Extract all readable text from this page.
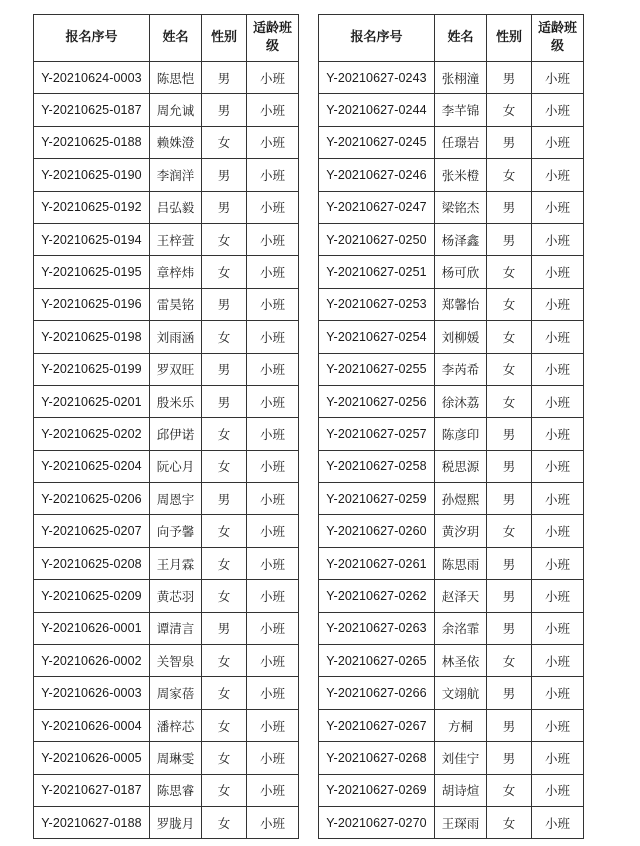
报名序号	姓名	性别	适龄班
级
Y-20210624-0003	陈思恺	男	小班
Y-20210625-0187	周允诚	男	小班
Y-20210625-0188	赖姝澄	女	小班
Y-20210625-0190	李润洋	男	小班
Y-20210625-0192	吕弘毅	男	小班
Y-20210625-0194	王梓萱	女	小班
Y-20210625-0195	章梓炜	女	小班
Y-20210625-0196	雷昊铭	男	小班
Y-20210625-0198	刘雨涵	女	小班
Y-20210625-0199	罗双旺	男	小班
Y-20210625-0201	殷米乐	男	小班
Y-20210625-0202	邱伊诺	女	小班
Y-20210625-0204	阮心月	女	小班
Y-20210625-0206	周恩宇	男	小班
Y-20210625-0207	向予馨	女	小班
Y-20210625-0208	王月霖	女	小班
Y-20210625-0209	黄芯羽	女	小班
Y-20210626-0001	谭清言	男	小班
Y-20210626-0002	关智泉	女	小班
Y-20210626-0003	周家蓓	女	小班
Y-20210626-0004	潘梓芯	女	小班
Y-20210626-0005	周琳雯	女	小班
Y-20210627-0187	陈思睿	女	小班
Y-20210627-0188	罗胧月	女	小班
报名序号	姓名	性别	适龄班
级
Y-20210627-0243	张栩潼	男	小班
Y-20210627-0244	李芊锦	女	小班
Y-20210627-0245	任璟岩	男	小班
Y-20210627-0246	张米橙	女	小班
Y-20210627-0247	梁铭杰	男	小班
Y-20210627-0250	杨泽鑫	男	小班
Y-20210627-0251	杨可欣	女	小班
Y-20210627-0253	郑馨怡	女	小班
Y-20210627-0254	刘柳媛	女	小班
Y-20210627-0255	李芮希	女	小班
Y-20210627-0256	徐沐荔	女	小班
Y-20210627-0257	陈彦印	男	小班
Y-20210627-0258	税思源	男	小班
Y-20210627-0259	孙煜熙	男	小班
Y-20210627-0260	黄汐玥	女	小班
Y-20210627-0261	陈思雨	男	小班
Y-20210627-0262	赵泽天	男	小班
Y-20210627-0263	余洺霏	男	小班
Y-20210627-0265	林圣依	女	小班
Y-20210627-0266	文翊航	男	小班
Y-20210627-0267	方桐	男	小班
Y-20210627-0268	刘佳宁	男	小班
Y-20210627-0269	胡诗煊	女	小班
Y-20210627-0270	王琛雨	女	小班
